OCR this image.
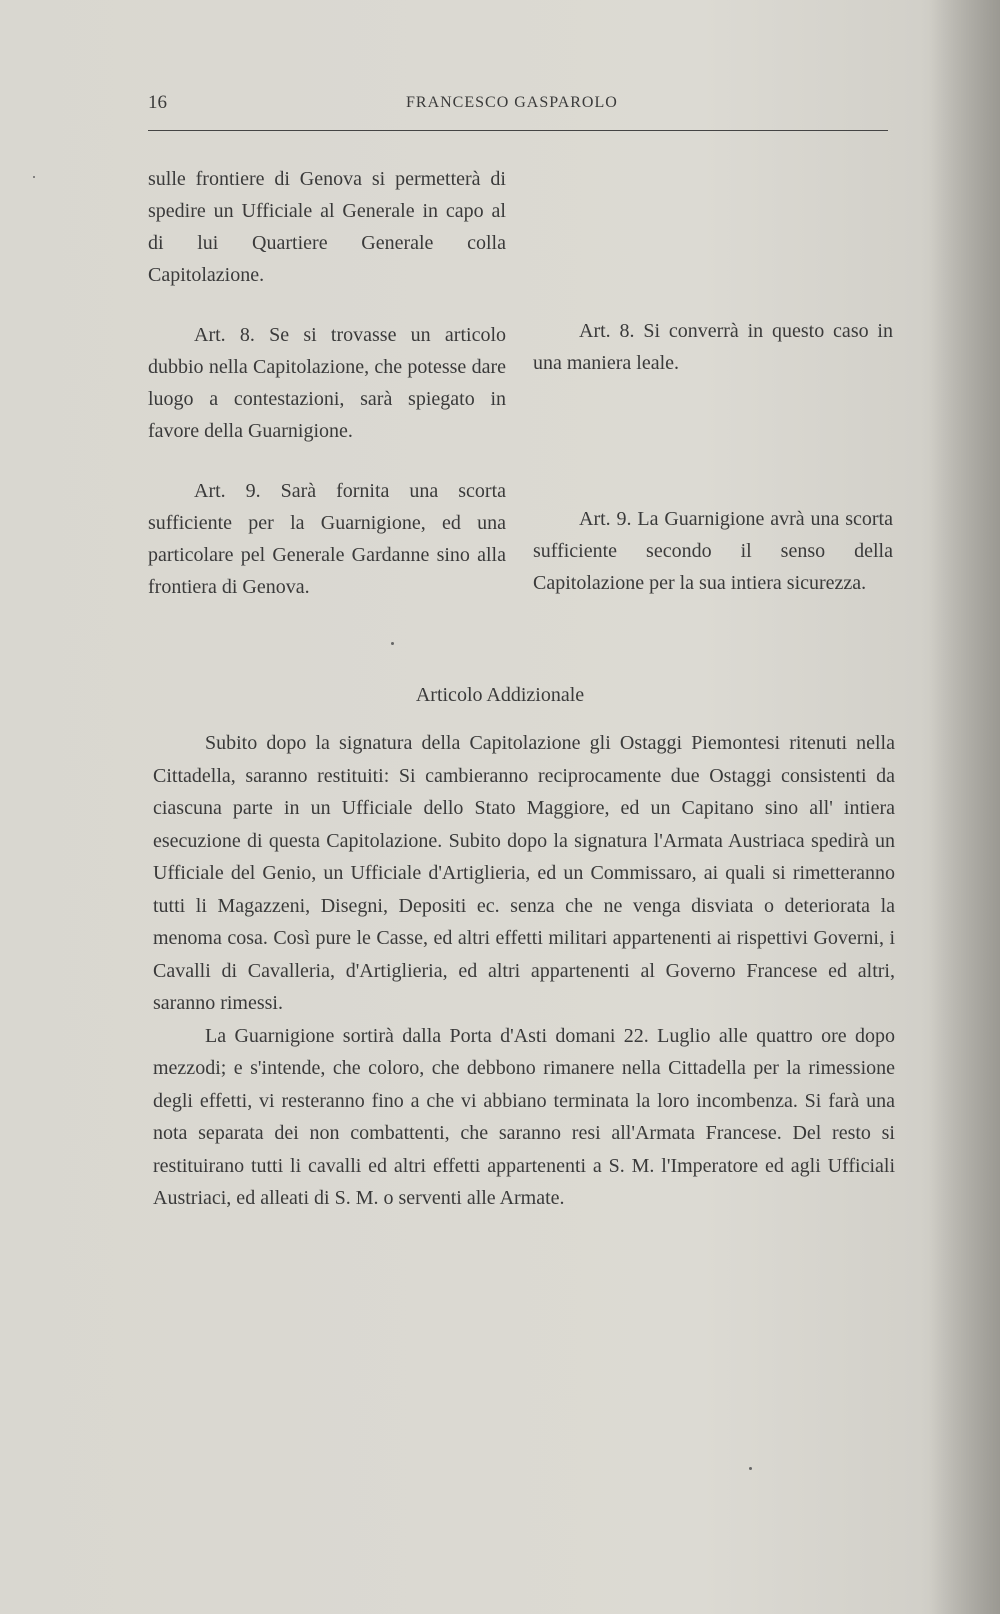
16	FRANCESCO GASPAROLO

sulle frontiere di Genova si permetterà di spedire un Ufficiale al Generale in capo al di lui Quartiere Generale colla Capitolazione.

Art. 8. Se si trovasse un articolo dubbio nella Capitolazione, che potesse dare luogo a contestazioni, sarà spiegato in favore della Guarnigione.

Art. 9. Sarà fornita una scorta sufficiente per la Guarnigione, ed una particolare pel Generale Gardanne sino alla frontiera di Genova.

Art. 8. Si converrà in questo caso in una maniera leale.

Art. 9. La Guarnigione avrà una scorta sufficiente secondo il senso della Capitolazione per la sua intiera sicurezza.

Articolo Addizionale

Subito dopo la signatura della Capitolazione gli Ostaggi Piemontesi ritenuti nella Cittadella, saranno restituiti: Si cambieranno reciprocamente due Ostaggi consistenti da ciascuna parte in un Ufficiale dello Stato Maggiore, ed un Capitano sino all' intiera esecuzione di questa Capitolazione. Subito dopo la signatura l'Armata Austriaca spedirà un Ufficiale del Genio, un Ufficiale d'Artiglieria, ed un Commissaro, ai quali si rimetteranno tutti li Magazzeni, Disegni, Depositi ec. senza che ne venga disviata o deteriorata la menoma cosa. Così pure le Casse, ed altri effetti militari appartenenti ai rispettivi Governi, i Cavalli di Cavalleria, d'Artiglieria, ed altri appartenenti al Governo Francese ed altri, saranno rimessi.

La Guarnigione sortirà dalla Porta d'Asti domani 22. Luglio alle quattro ore dopo mezzodi; e s'intende, che coloro, che debbono rimanere nella Cittadella per la rimessione degli effetti, vi resteranno fino a che vi abbiano terminata la loro incombenza. Si farà una nota separata dei non combattenti, che saranno resi all'Armata Francese. Del resto si restituirano tutti li cavalli ed altri effetti appartenenti a S. M. l'Imperatore ed agli Ufficiali Austriaci, ed alleati di S. M. o serventi alle Armate.
